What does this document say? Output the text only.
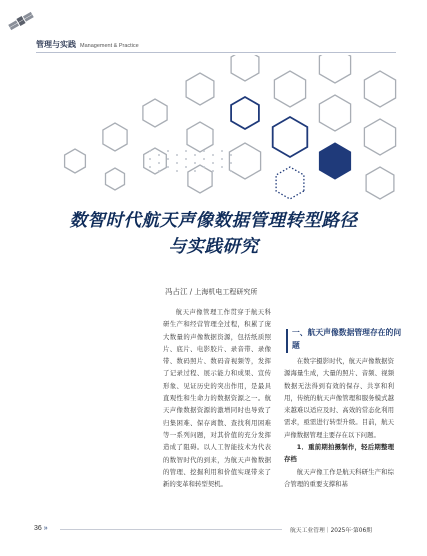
管理与实践 Management & Practice
数智时代航天声像数据管理转型路径
与实践研究
冯占江 / 上海机电工程研究所

航天声像管理工作贯穿于航天科研生产和经营管理全过程，积累了庞大数量的声像数据资源，包括纸质照片、底片、电影胶片、录音带、录像带、数码照片、数码音视频等，发挥了记录过程、展示能力和成果、宣传形象、见证历史的突出作用，是最具直观性和生命力的数据资源之一。航天声像数据资源的激增同时也导致了归集困难、保存离散、查找利用困难等一系列问题，对其价值的充分发挥造成了阻碍。以人工智能技术为代表的数智时代的到来，为航天声像数据的管理、挖掘利用和价值实现带来了新的变革和转型契机。

一、航天声像数据管理存在的问题

在数字摄影时代，航天声像数据资源海量生成，大量的照片、音频、视频数据无法得到有效的保存、共享和利用，传统的航天声像管理和服务模式越来越难以适应及时、高效的常态化利用需求，亟需进行转型升级。目前，航天声像数据管理主要存在以下问题。

1．重前期拍摄制作，轻后期整理存档

航天声像工作是航天科研生产和综合管理的重要支撑和基

36 »	航天工业管理｜2025年·第06期
